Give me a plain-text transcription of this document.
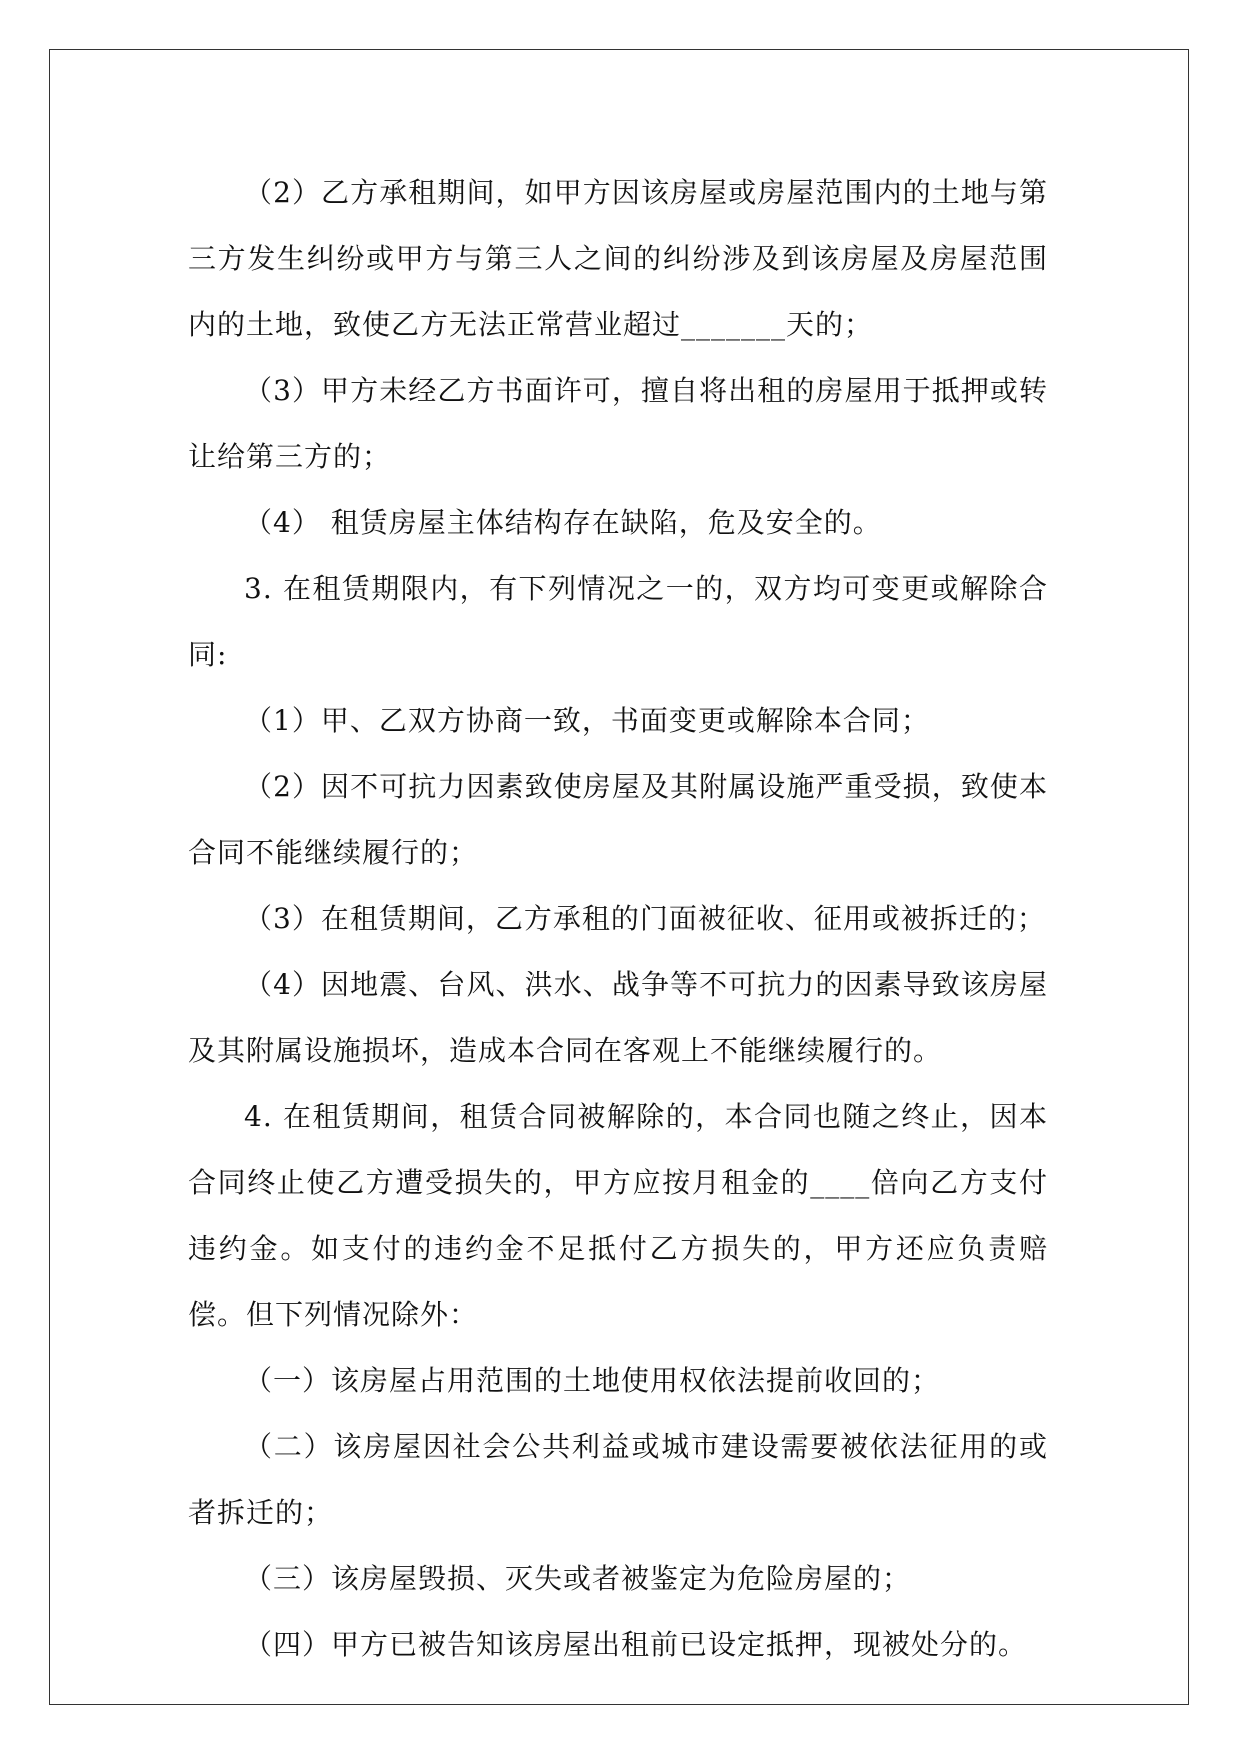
（2）乙方承租期间，如甲方因该房屋或房屋范围内的土地与第三方发生纠纷或甲方与第三人之间的纠纷涉及到该房屋及房屋范围内的土地，致使乙方无法正常营业超过_______天的；

（3）甲方未经乙方书面许可，擅自将出租的房屋用于抵押或转让给第三方的；

（4） 租赁房屋主体结构存在缺陷，危及安全的。

3. 在租赁期限内，有下列情况之一的，双方均可变更或解除合同:

（1）甲、乙双方协商一致，书面变更或解除本合同；

（2）因不可抗力因素致使房屋及其附属设施严重受损，致使本合同不能继续履行的；

（3）在租赁期间，乙方承租的门面被征收、征用或被拆迁的；

（4）因地震、台风、洪水、战争等不可抗力的因素导致该房屋及其附属设施损坏，造成本合同在客观上不能继续履行的。

4. 在租赁期间，租赁合同被解除的，本合同也随之终止，因本合同终止使乙方遭受损失的，甲方应按月租金的____倍向乙方支付违约金。如支付的违约金不足抵付乙方损失的，甲方还应负责赔偿。但下列情况除外：

（一）该房屋占用范围的土地使用权依法提前收回的；

（二）该房屋因社会公共利益或城市建设需要被依法征用的或者拆迁的；

（三）该房屋毁损、灭失或者被鉴定为危险房屋的；

（四）甲方已被告知该房屋出租前已设定抵押，现被处分的。
